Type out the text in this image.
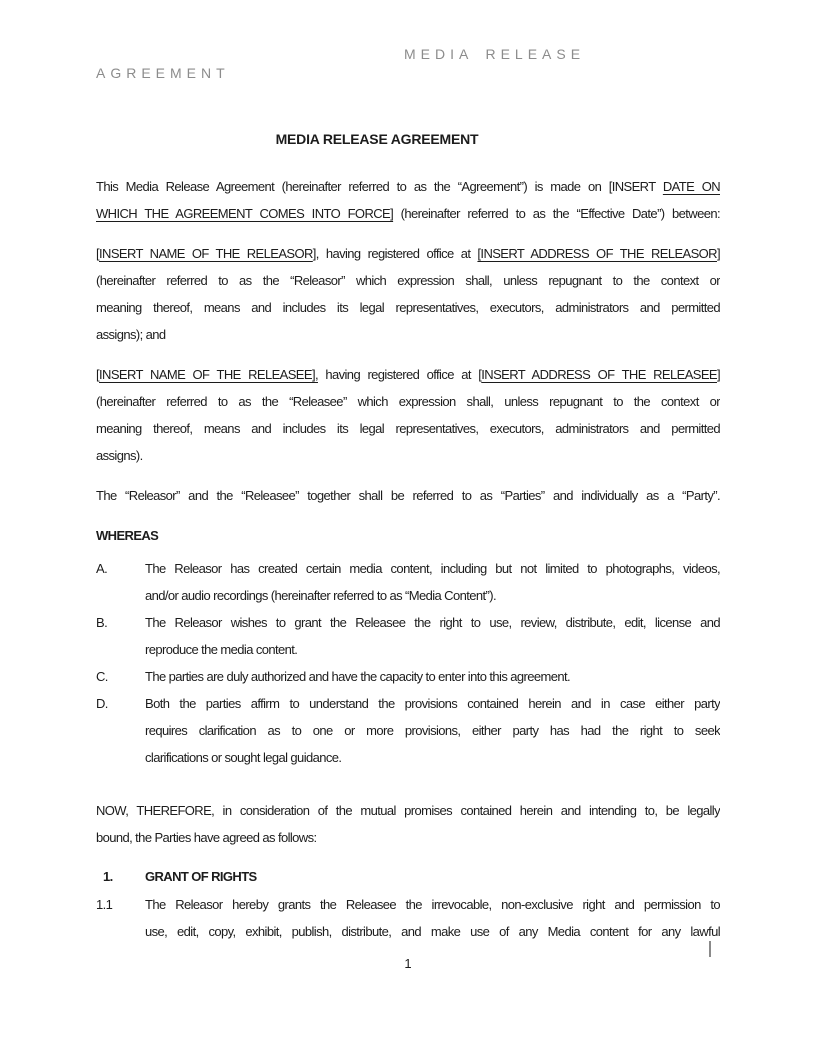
MEDIA RELEASE
AGREEMENT
MEDIA RELEASE AGREEMENT
This Media Release Agreement (hereinafter referred to as the “Agreement”) is made on [INSERT DATE ON
WHICH THE AGREEMENT COMES INTO FORCE] (hereinafter referred to as the “Effective Date”) between:
[INSERT NAME OF THE RELEASOR], having registered office at [INSERT ADDRESS OF THE RELEASOR]
(hereinafter referred to as the “Releasor” which expression shall, unless repugnant to the context or
meaning thereof, means and includes its legal representatives, executors, administrators and permitted
assigns); and
[INSERT NAME OF THE RELEASEE], having registered office at [INSERT ADDRESS OF THE RELEASEE]
(hereinafter referred to as the “Releasee” which expression shall, unless repugnant to the context or
meaning thereof, means and includes its legal representatives, executors, administrators and permitted
assigns).
The “Releasor” and the “Releasee” together shall be referred to as “Parties” and individually as a “Party”.
WHEREAS
A.	The Releasor has created certain media content, including but not limited to photographs, videos,
and/or audio recordings (hereinafter referred to as “Media Content”).
B.	The Releasor wishes to grant the Releasee the right to use, review, distribute, edit, license and
reproduce the media content.
C.	The parties are duly authorized and have the capacity to enter into this agreement.
D.	Both the parties affirm to understand the provisions contained herein and in case either party
requires clarification as to one or more provisions, either party has had the right to seek
clarifications or sought legal guidance.
NOW, THEREFORE, in consideration of the mutual promises contained herein and intending to, be legally
bound, the Parties have agreed as follows:
1. GRANT OF RIGHTS
1.1	The Releasor hereby grants the Releasee the irrevocable, non-exclusive right and permission to
use, edit, copy, exhibit, publish, distribute, and make use of any Media content for any lawful
1
